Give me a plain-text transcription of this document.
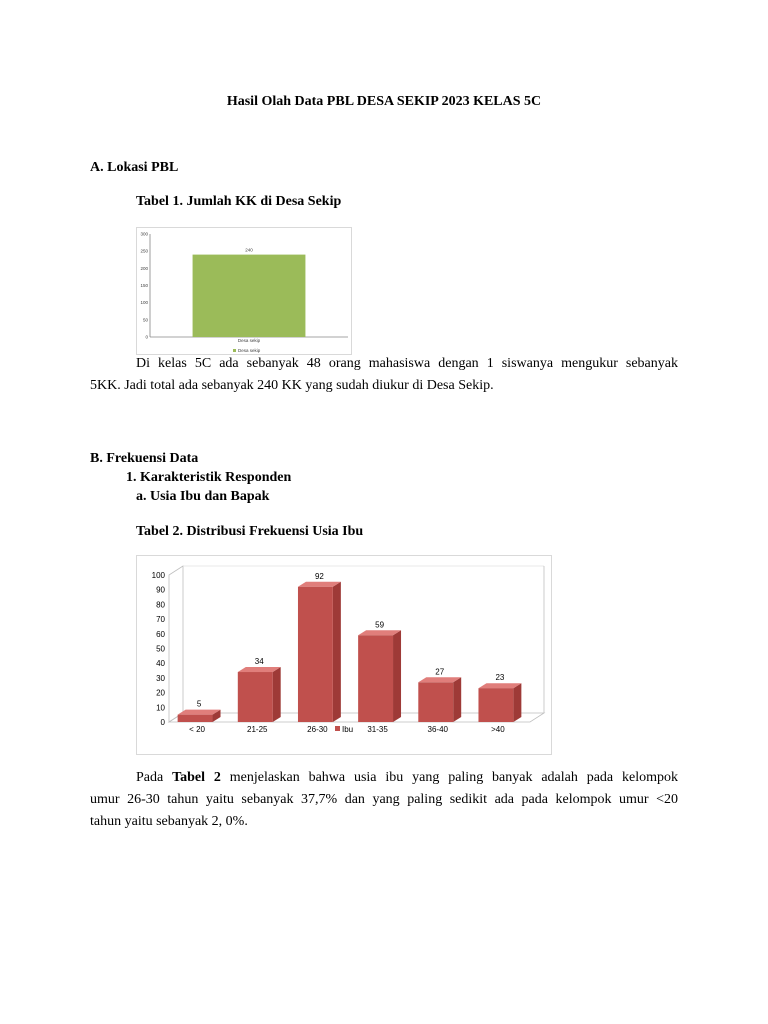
Hasil Olah Data PBL DESA SEKIP 2023 KELAS 5C
A. Lokasi PBL
Tabel 1. Jumlah KK di Desa Sekip
300
250
200
150
100
50
0
240
Desa sekip
Desa sekip
Di kelas 5C ada sebanyak 48 orang mahasiswa dengan 1 siswanya mengukur sebanyak
5KK. Jadi total ada sebanyak 240 KK yang sudah diukur di Desa Sekip.
B. Frekuensi Data
1. Karakteristik Responden
a. Usia Ibu dan Bapak
Tabel 2. Distribusi Frekuensi Usia Ibu
100
90
80
70
60
50
40
30
20
10
0
5
< 20
34
21-25
92
26-30
59
31-35
27
36-40
23
>40
Ibu
Pada Tabel 2 menjelaskan bahwa usia ibu yang paling banyak adalah pada kelompok
umur 26-30 tahun yaitu sebanyak 37,7% dan yang paling sedikit ada pada kelompok umur <20
tahun yaitu sebanyak 2, 0%.
